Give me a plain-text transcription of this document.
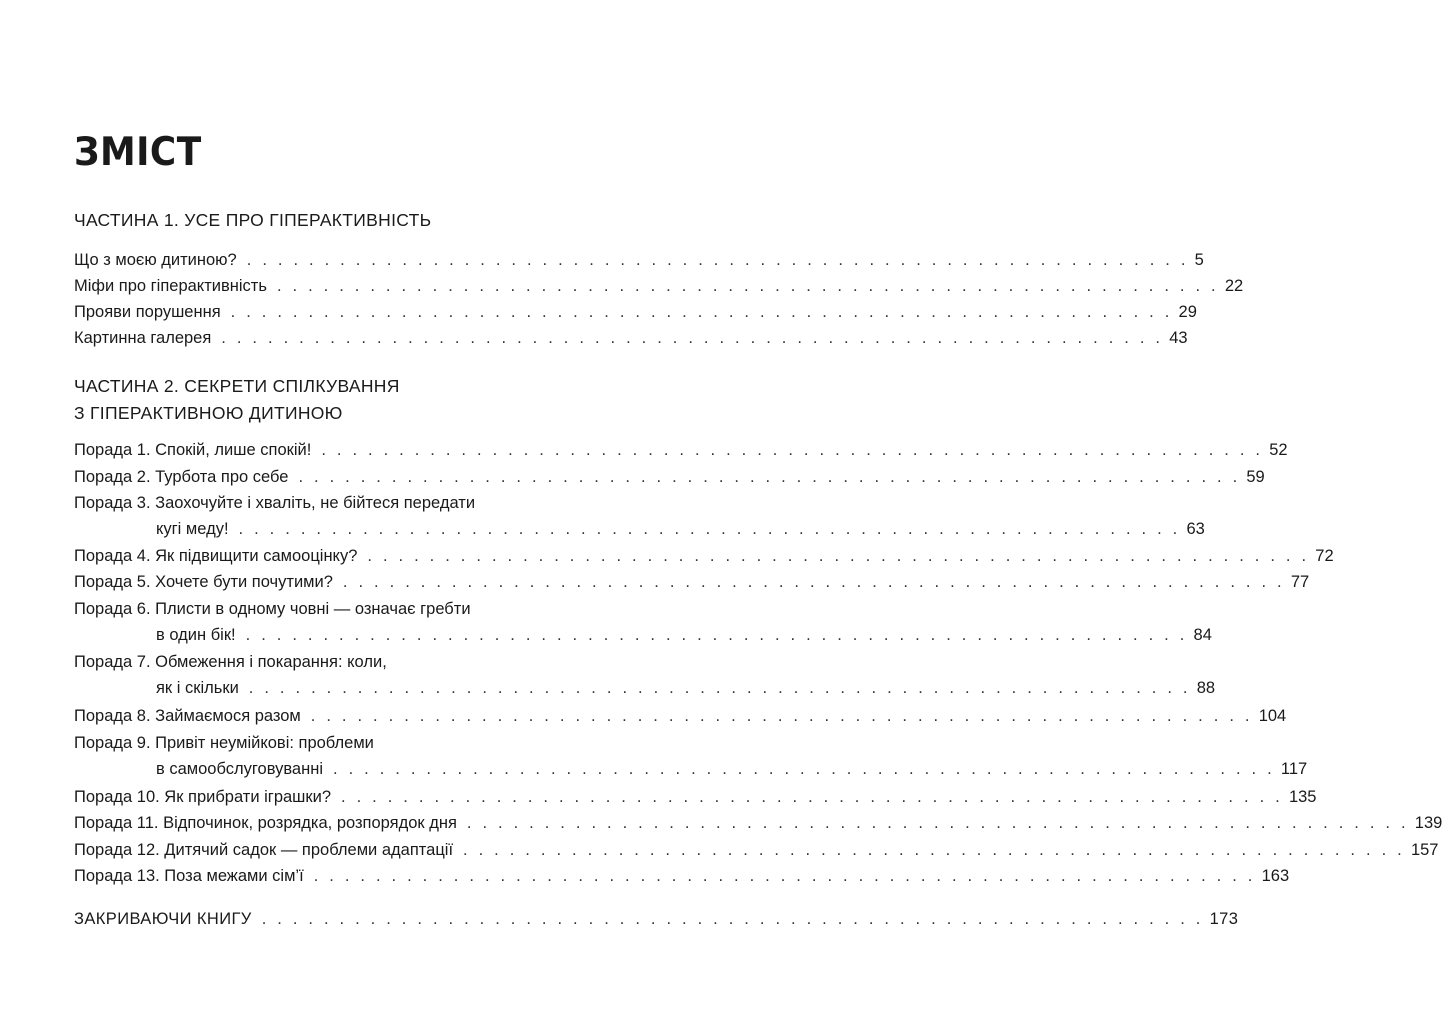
ЗМІСТ
ЧАСТИНА 1. УСЕ ПРО ГІПЕРАКТИВНІСТЬ
Що з моєю дитиною? . . . . . . . . . . . . . . . . . . . . . . . . . . . . . . . . . . . . . . . . . . . . . . . . . . . . . . . . . . . . . 5
Міфи про гіперактивність . . . . . . . . . . . . . . . . . . . . . . . . . . . . . . . . . . . . . . . . . . . . . . . . . . . . . . . . . . . . . 22
Прояви порушення . . . . . . . . . . . . . . . . . . . . . . . . . . . . . . . . . . . . . . . . . . . . . . . . . . . . . . . . . . . . . 29
Картинна галерея . . . . . . . . . . . . . . . . . . . . . . . . . . . . . . . . . . . . . . . . . . . . . . . . . . . . . . . . . . . . . 43
ЧАСТИНА 2. СЕКРЕТИ СПІЛКУВАННЯ
З ГІПЕРАКТИВНОЮ ДИТИНОЮ
Порада 1. Спокій, лише спокій! . . . . . . . . . . . . . . . . . . . . . . . . . . . . . . . . . . . . . . . . . . . . . . . . . . . . . . . . . . . . . 52
Порада 2. Турбота про себе . . . . . . . . . . . . . . . . . . . . . . . . . . . . . . . . . . . . . . . . . . . . . . . . . . . . . . . . . . . . . 59
Порада 3. Заохочуйте і хваліть, не бійтеся передати
кугі меду! . . . . . . . . . . . . . . . . . . . . . . . . . . . . . . . . . . . . . . . . . . . . . . . . . . . . . . . . . . . . . 63
Порада 4. Як підвищити самооцінку? . . . . . . . . . . . . . . . . . . . . . . . . . . . . . . . . . . . . . . . . . . . . . . . . . . . . . . . . . . . . . 72
Порада 5. Хочете бути почутими? . . . . . . . . . . . . . . . . . . . . . . . . . . . . . . . . . . . . . . . . . . . . . . . . . . . . . . . . . . . . . 77
Порада 6. Плисти в одному човні — означає гребти
в один бік! . . . . . . . . . . . . . . . . . . . . . . . . . . . . . . . . . . . . . . . . . . . . . . . . . . . . . . . . . . . . . 84
Порада 7. Обмеження і покарання: коли,
як і скільки . . . . . . . . . . . . . . . . . . . . . . . . . . . . . . . . . . . . . . . . . . . . . . . . . . . . . . . . . . . . . 88
Порада 8. Займаємося разом . . . . . . . . . . . . . . . . . . . . . . . . . . . . . . . . . . . . . . . . . . . . . . . . . . . . . . . . . . . . . 104
Порада 9. Привіт неумійкові: проблеми
в самообслуговуванні . . . . . . . . . . . . . . . . . . . . . . . . . . . . . . . . . . . . . . . . . . . . . . . . . . . . . . . . . . . . . 117
Порада 10. Як прибрати іграшки? . . . . . . . . . . . . . . . . . . . . . . . . . . . . . . . . . . . . . . . . . . . . . . . . . . . . . . . . . . . . . 135
Порада 11. Відпочинок, розрядка, розпорядок дня . . . . . . . . . . . . . . . . . . . . . . . . . . . . . . . . . . . . . . . . . . . . . . . . . . . . . . . . . . . . . 139
Порада 12. Дитячий садок — проблеми адаптації . . . . . . . . . . . . . . . . . . . . . . . . . . . . . . . . . . . . . . . . . . . . . . . . . . . . . . . . . . . . . 157
Порада 13. Поза межами сім’ї . . . . . . . . . . . . . . . . . . . . . . . . . . . . . . . . . . . . . . . . . . . . . . . . . . . . . . . . . . . . . 163
ЗАКРИВАЮЧИ КНИГУ . . . . . . . . . . . . . . . . . . . . . . . . . . . . . . . . . . . . . . . . . . . . . . . . . . . . . . . . . . . . . 173
